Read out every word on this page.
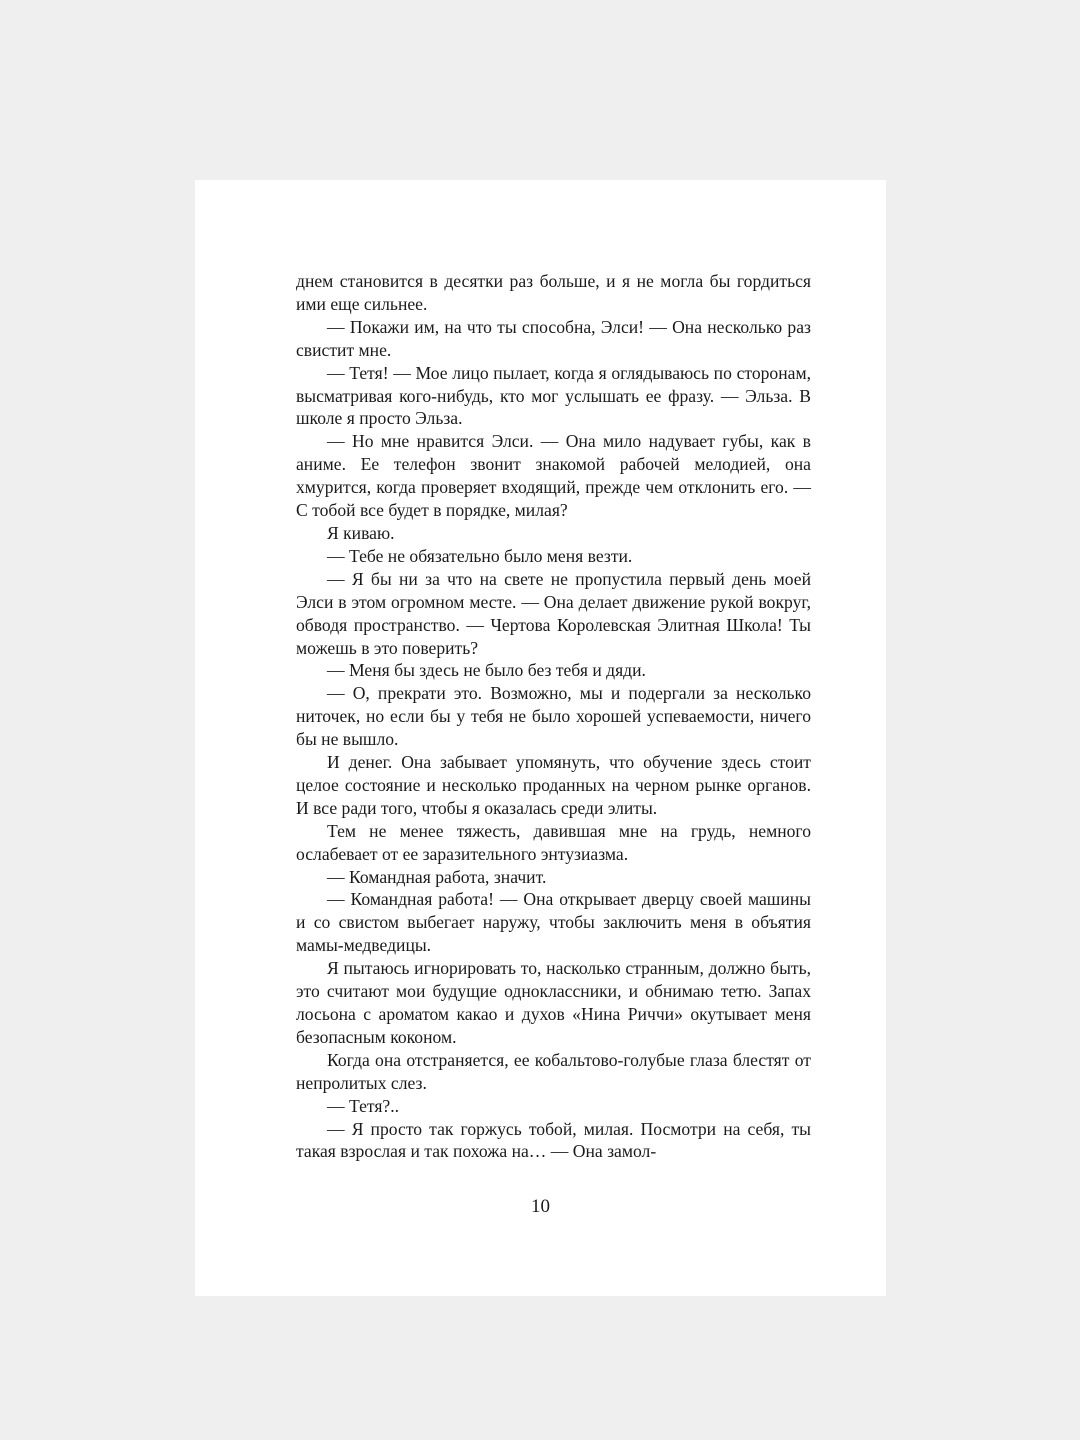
днем становится в десятки раз больше, и я не могла бы гордиться ими еще сильнее.

— Покажи им, на что ты способна, Элси! — Она несколько раз свистит мне.

— Тетя! — Мое лицо пылает, когда я оглядываюсь по сторонам, высматривая кого-нибудь, кто мог услышать ее фразу. — Эльза. В школе я просто Эльза.

— Но мне нравится Элси. — Она мило надувает губы, как в аниме. Ее телефон звонит знакомой рабочей мелодией, она хмурится, когда проверяет входящий, прежде чем отклонить его. — С тобой все будет в порядке, милая?

Я киваю.

— Тебе не обязательно было меня везти.

— Я бы ни за что на свете не пропустила первый день моей Элси в этом огромном месте. — Она делает движение рукой вокруг, обводя пространство. — Чертова Королевская Элитная Школа! Ты можешь в это поверить?

— Меня бы здесь не было без тебя и дяди.

— О, прекрати это. Возможно, мы и подергали за несколько ниточек, но если бы у тебя не было хорошей успеваемости, ничего бы не вышло.

И денег. Она забывает упомянуть, что обучение здесь стоит целое состояние и несколько проданных на черном рынке органов. И все ради того, чтобы я оказалась среди элиты.

Тем не менее тяжесть, давившая мне на грудь, немного ослабевает от ее заразительного энтузиазма.

— Командная работа, значит.

— Командная работа! — Она открывает дверцу своей машины и со свистом выбегает наружу, чтобы заключить меня в объятия мамы-медведицы.

Я пытаюсь игнорировать то, насколько странным, должно быть, это считают мои будущие одноклассники, и обнимаю тетю. Запах лосьона с ароматом какао и духов «Нина Риччи» окутывает меня безопасным коконом.

Когда она отстраняется, ее кобальтово-голубые глаза блестят от непролитых слез.

— Тетя?..

— Я просто так горжусь тобой, милая. Посмотри на себя, ты такая взрослая и так похожа на… — Она замол-

10
